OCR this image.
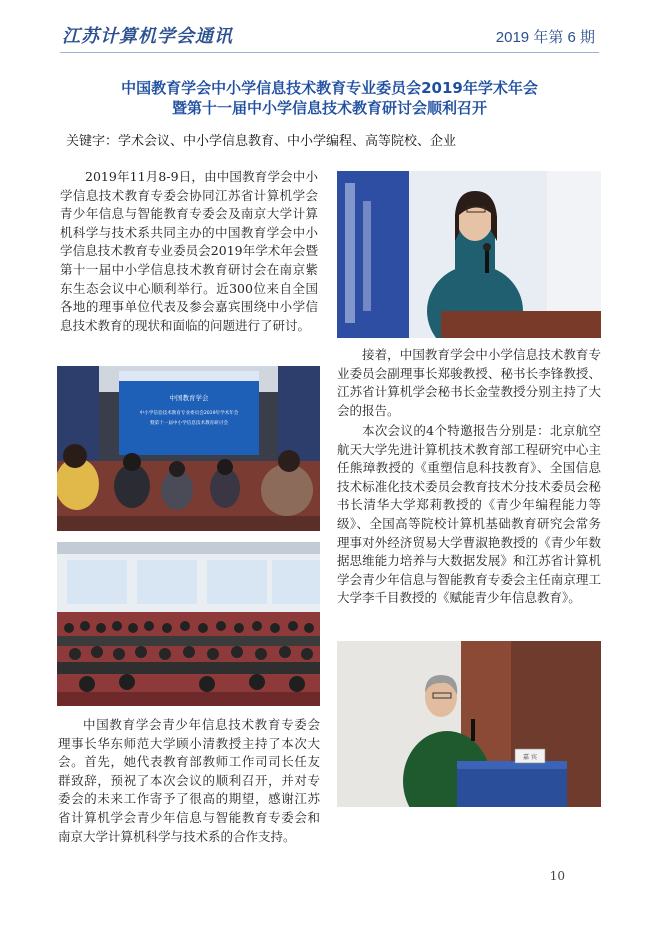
江苏计算机学会通讯	2019 年第 6 期
中国教育学会中小学信息技术教育专业委员会2019年学术年会
暨第十一届中小学信息技术教育研讨会顺利召开
关键字：学术会议、中小学信息教育、中小学编程、高等院校、企业

2019年11月8-9日，由中国教育学会中小学信息技术教育专委会协同江苏省计算机学会青少年信息与智能教育专委会及南京大学计算机科学与技术系共同主办的中国教育学会中小学信息技术教育专业委员会2019年学术年会暨第十一届中小学信息技术教育研讨会在南京紫东生态会议中心顺利举行。近300位来自全国各地的理事单位代表及参会嘉宾围绕中小学信息技术教育的现状和面临的问题进行了研讨。

中国教育学会
中小学信息技术教育专业委员会2019年学术年会
暨第十一届中小学信息技术教育研讨会

中国教育学会青少年信息技术教育专委会理事长华东师范大学顾小清教授主持了本次大会。首先，她代表教育部教师工作司司长任友群致辞，预祝了本次会议的顺利召开，并对专委会的未来工作寄予了很高的期望，感谢江苏省计算机学会青少年信息与智能教育专委会和南京大学计算机科学与技术系的合作支持。

接着，中国教育学会中小学信息技术教育专业委员会副理事长郑骏教授、秘书长李锋教授、江苏省计算机学会秘书长金莹教授分别主持了大会的报告。

本次会议的4个特邀报告分别是：北京航空航天大学先进计算机技术教育部工程研究中心主任熊璋教授的《重塑信息科技教育》、全国信息技术标准化技术委员会教育技术分技术委员会秘书长清华大学郑莉教授的《青少年编程能力等级》、全国高等院校计算机基础教育研究会常务理事对外经济贸易大学曹淑艳教授的《青少年数据思维能力培养与大数据发展》和江苏省计算机学会青少年信息与智能教育专委会主任南京理工大学李千目教授的《赋能青少年信息教育》。

嘉 宾
10
